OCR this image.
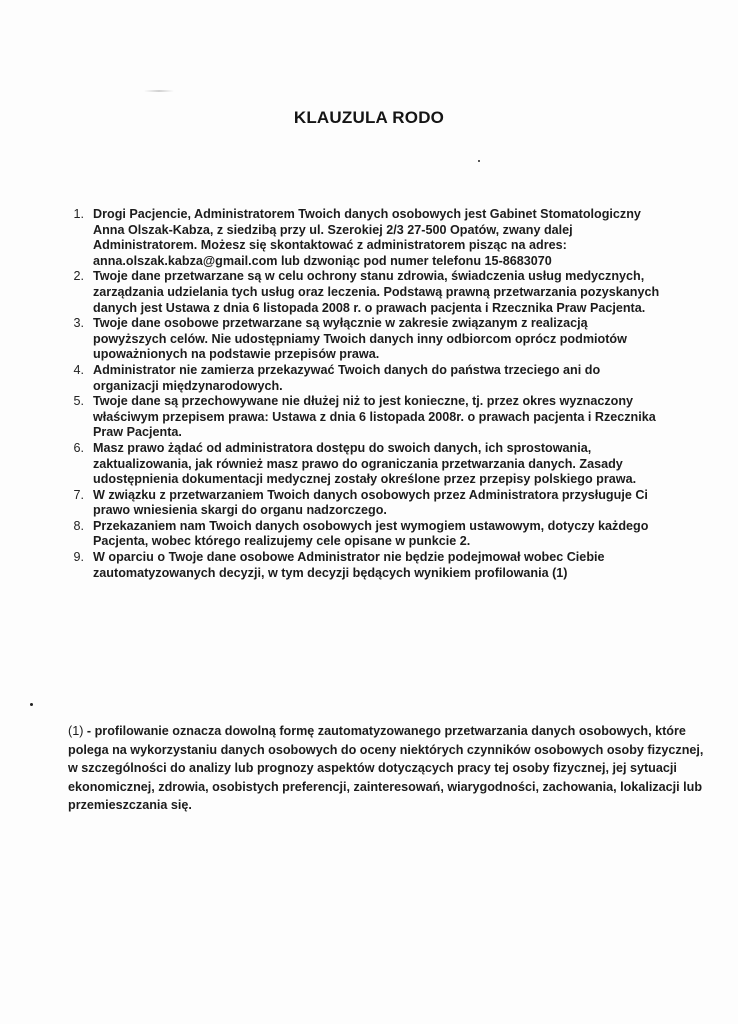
KLAUZULA RODO
1. Drogi Pacjencie, Administratorem Twoich danych osobowych jest Gabinet Stomatologiczny Anna Olszak-Kabza, z siedzibą przy ul. Szerokiej 2/3 27-500 Opatów, zwany dalej Administratorem. Możesz się skontaktować z administratorem pisząc na adres: anna.olszak.kabza@gmail.com lub dzwoniąc pod numer telefonu 15-8683070
2. Twoje dane przetwarzane są w celu ochrony stanu zdrowia, świadczenia usług medycznych, zarządzania udzielania tych usług oraz leczenia. Podstawą prawną przetwarzania pozyskanych danych jest Ustawa z dnia 6 listopada 2008 r. o prawach pacjenta i Rzecznika Praw Pacjenta.
3. Twoje dane osobowe przetwarzane są wyłącznie w zakresie związanym z realizacją powyższych celów. Nie udostępniamy Twoich danych inny odbiorcom oprócz podmiotów upoważnionych na podstawie przepisów prawa.
4. Administrator nie zamierza przekazywać Twoich danych do państwa trzeciego ani do organizacji międzynarodowych.
5. Twoje dane są przechowywane nie dłużej niż to jest konieczne, tj. przez okres wyznaczony właściwym przepisem prawa: Ustawa z dnia 6 listopada 2008r. o prawach pacjenta i Rzecznika Praw Pacjenta.
6. Masz prawo żądać od administratora dostępu do swoich danych, ich sprostowania, zaktualizowania, jak również masz prawo do ograniczania przetwarzania danych. Zasady udostępnienia dokumentacji medycznej zostały określone przez przepisy polskiego prawa.
7. W związku z przetwarzaniem Twoich danych osobowych przez Administratora przysługuje Ci prawo wniesienia skargi do organu nadzorczego.
8. Przekazaniem nam Twoich danych osobowych jest wymogiem ustawowym, dotyczy każdego Pacjenta, wobec którego realizujemy cele opisane w punkcie 2.
9. W oparciu o Twoje dane osobowe Administrator nie będzie podejmował wobec Ciebie zautomatyzowanych decyzji, w tym decyzji będących wynikiem profilowania (1)
(1) - profilowanie oznacza dowolną formę zautomatyzowanego przetwarzania danych osobowych, które polega na wykorzystaniu danych osobowych do oceny niektórych czynników osobowych osoby fizycznej, w szczególności do analizy lub prognozy aspektów dotyczących pracy tej osoby fizycznej, jej sytuacji ekonomicznej, zdrowia, osobistych preferencji, zainteresowań, wiarygodności, zachowania, lokalizacji lub przemieszczania się.
